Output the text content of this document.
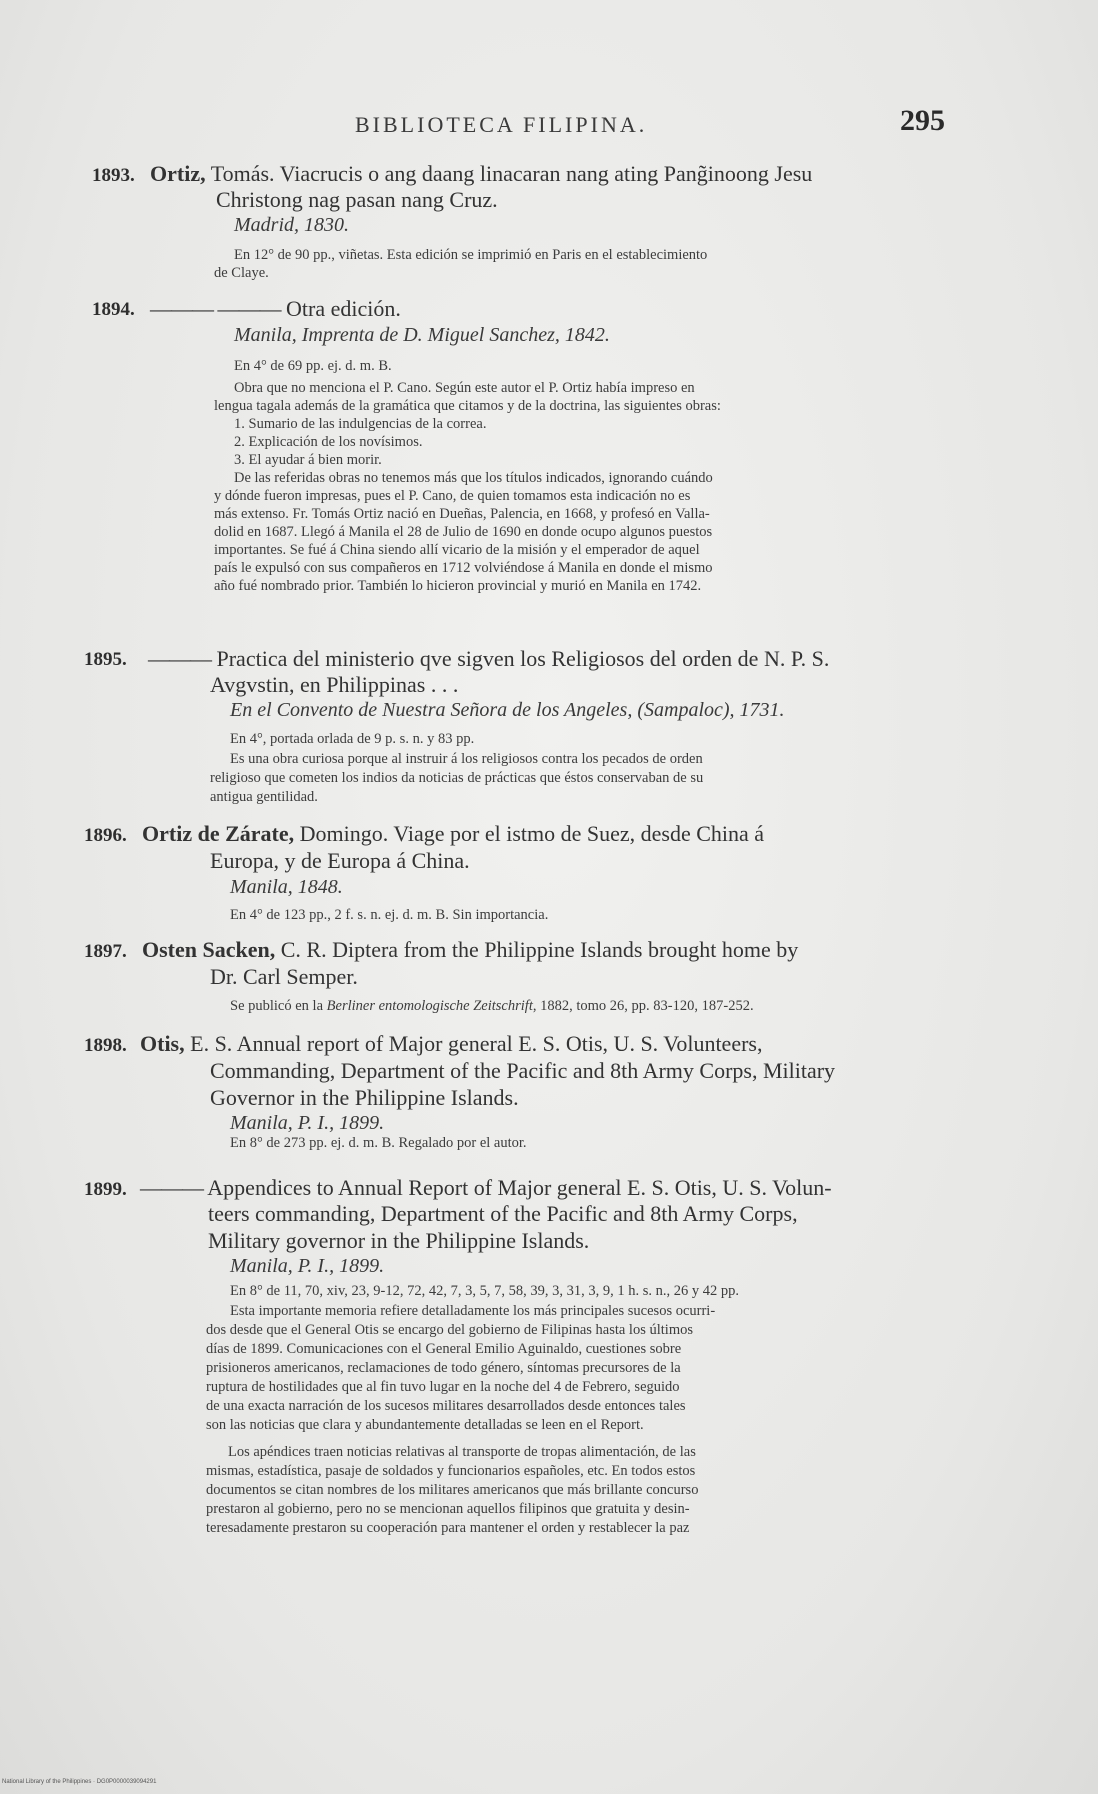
BIBLIOTECA FILIPINA.	295
1893. Ortiz, Tomás. Viacrucis o ang daang linacaran nang ating Pang̃inoong Jesu
Christong nag pasan nang Cruz.
Madrid, 1830.
En 12° de 90 pp., viñetas. Esta edición se imprimió en Paris en el establecimiento
de Claye.
1894. ——— ——— Otra edición.
Manila, Imprenta de D. Miguel Sanchez, 1842.
En 4° de 69 pp. ej. d. m. B.
Obra que no menciona el P. Cano. Según este autor el P. Ortiz había impreso en
lengua tagala además de la gramática que citamos y de la doctrina, las siguientes obras:
1. Sumario de las indulgencias de la correa.
2. Explicación de los novísimos.
3. El ayudar á bien morir.
De las referidas obras no tenemos más que los títulos indicados, ignorando cuándo
y dónde fueron impresas, pues el P. Cano, de quien tomamos esta indicación no es
más extenso. Fr. Tomás Ortiz nació en Dueñas, Palencia, en 1668, y profesó en Valla-
dolid en 1687. Llegó á Manila el 28 de Julio de 1690 en donde ocupo algunos puestos
importantes. Se fué á China siendo allí vicario de la misión y el emperador de aquel
país le expulsó con sus compañeros en 1712 volviéndose á Manila en donde el mismo
año fué nombrado prior. También lo hicieron provincial y murió en Manila en 1742.
1895. ——— Practica del ministerio qve sigven los Religiosos del orden de N. P. S.
Avgvstin, en Philippinas . . .
En el Convento de Nuestra Señora de los Angeles, (Sampaloc), 1731.
En 4°, portada orlada de 9 p. s. n. y 83 pp.
Es una obra curiosa porque al instruir á los religiosos contra los pecados de orden
religioso que cometen los indios da noticias de prácticas que éstos conservaban de su
antigua gentilidad.
1896. Ortiz de Zárate, Domingo. Viage por el istmo de Suez, desde China á
Europa, y de Europa á China.
Manila, 1848.
En 4° de 123 pp., 2 f. s. n. ej. d. m. B. Sin importancia.
1897. Osten Sacken, C. R. Diptera from the Philippine Islands brought home by
Dr. Carl Semper.
Se publicó en la Berliner entomologische Zeitschrift, 1882, tomo 26, pp. 83-120, 187-252.
1898. Otis, E. S. Annual report of Major general E. S. Otis, U. S. Volunteers,
Commanding, Department of the Pacific and 8th Army Corps, Military
Governor in the Philippine Islands.
Manila, P. I., 1899.
En 8° de 273 pp. ej. d. m. B. Regalado por el autor.
1899. ——— Appendices to Annual Report of Major general E. S. Otis, U. S. Volun-
teers commanding, Department of the Pacific and 8th Army Corps,
Military governor in the Philippine Islands.
Manila, P. I., 1899.
En 8° de 11, 70, xiv, 23, 9-12, 72, 42, 7, 3, 5, 7, 58, 39, 3, 31, 3, 9, 1 h. s. n., 26 y 42 pp.
Esta importante memoria refiere detalladamente los más principales sucesos ocurri-
dos desde que el General Otis se encargo del gobierno de Filipinas hasta los últimos
días de 1899. Comunicaciones con el General Emilio Aguinaldo, cuestiones sobre
prisioneros americanos, reclamaciones de todo género, síntomas precursores de la
ruptura de hostilidades que al fin tuvo lugar en la noche del 4 de Febrero, seguido
de una exacta narración de los sucesos militares desarrollados desde entonces tales
son las noticias que clara y abundantemente detalladas se leen en el Report.
Los apéndices traen noticias relativas al transporte de tropas alimentación, de las
mismas, estadística, pasaje de soldados y funcionarios españoles, etc. En todos estos
documentos se citan nombres de los militares americanos que más brillante concurso
prestaron al gobierno, pero no se mencionan aquellos filipinos que gratuita y desin-
teresadamente prestaron su cooperación para mantener el orden y restablecer la paz
National Library of the Philippines · DG0P0000039094291
